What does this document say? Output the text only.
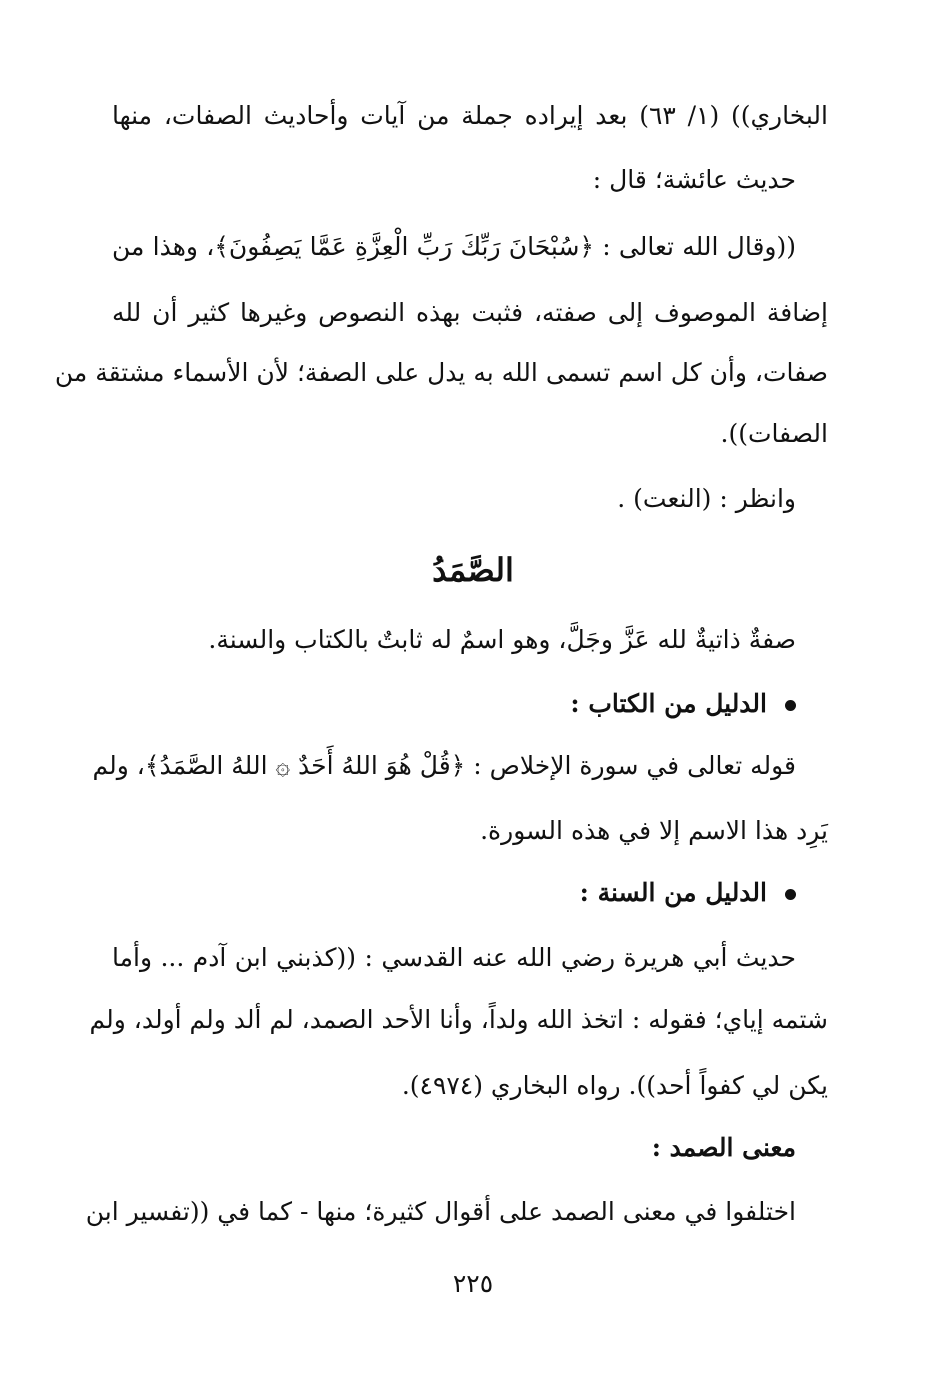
البخاري)) (١/ ٦٣) بعد إيراده جملة من آيات وأحاديث الصفات، منها
حديث عائشة؛ قال :
((وقال الله تعالى : ﴿سُبْحَانَ رَبِّكَ رَبِّ الْعِزَّةِ عَمَّا يَصِفُونَ﴾، وهذا من
إضافة الموصوف إلى صفته، فثبت بهذه النصوص وغيرها كثير أن لله
صفات، وأن كل اسم تسمى الله به يدل على الصفة؛ لأن الأسماء مشتقة من
الصفات)).
وانظر : (النعت) .
الصَّمَدُ
صفةٌ ذاتيةٌ لله عَزَّ وجَلَّ، وهو اسمٌ له ثابتٌ بالكتاب والسنة.
الدليل من الكتاب :
قوله تعالى في سورة الإخلاص : ﴿قُلْ هُوَ اللهُ أَحَدٌ ۞ اللهُ الصَّمَدُ﴾، ولم
يَرِد هذا الاسم إلا في هذه السورة.
الدليل من السنة :
حديث أبي هريرة رضي الله عنه القدسي : ((كذبني ابن آدم ... وأما
شتمه إياي؛ فقوله : اتخذ الله ولداً، وأنا الأحد الصمد، لم ألد ولم أولد، ولم
يكن لي كفواً أحد)). رواه البخاري (٤٩٧٤).
معنى الصمد :
اختلفوا في معنى الصمد على أقوال كثيرة؛ منها - كما في ((تفسير ابن
٢٢٥
